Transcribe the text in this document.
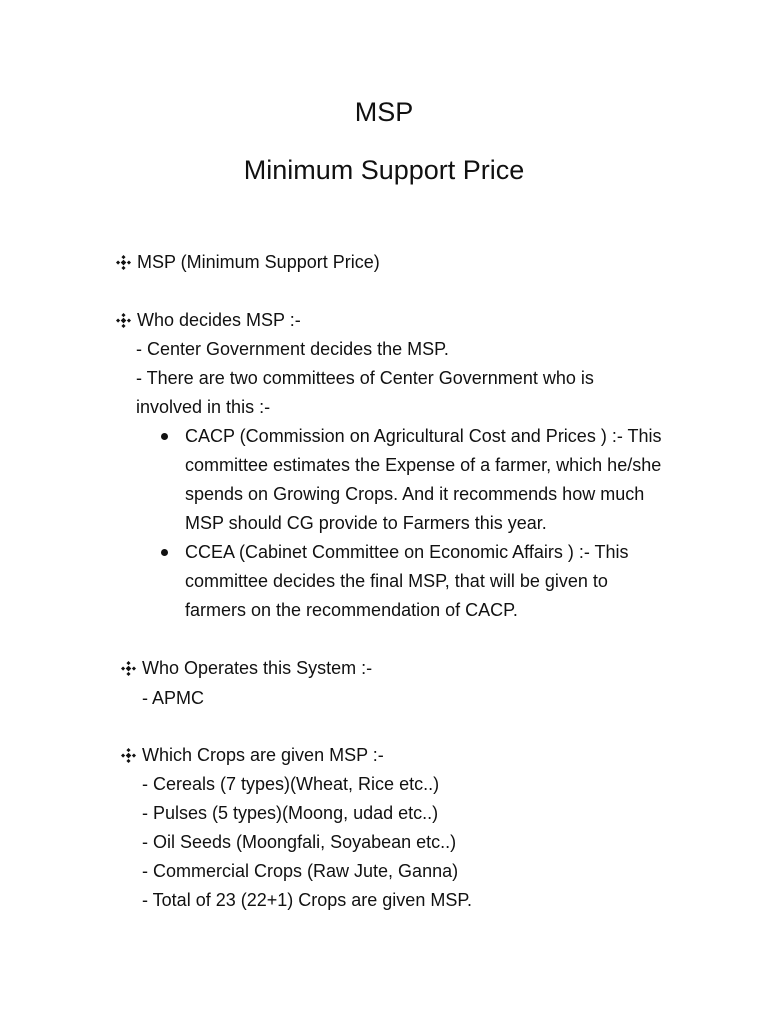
MSP
Minimum Support Price
MSP (Minimum Support Price)
Who decides MSP :-
- Center Government decides the MSP.
- There are two committees of Center Government who is
involved in this :-
CACP (Commission on Agricultural Cost and Prices ) :- This
committee estimates the Expense of a farmer, which he/she
spends on Growing Crops. And it recommends how much
MSP should CG provide to Farmers this year.
CCEA (Cabinet Committee on Economic Affairs ) :- This
committee decides the final MSP, that will be given to
farmers on the recommendation of CACP.
Who Operates this System :-
- APMC
Which Crops are given MSP :-
- Cereals (7 types)(Wheat, Rice etc..)
- Pulses (5 types)(Moong, udad etc..)
- Oil Seeds (Moongfali, Soyabean etc..)
- Commercial Crops (Raw Jute, Ganna)
- Total of 23 (22+1) Crops are given MSP.
